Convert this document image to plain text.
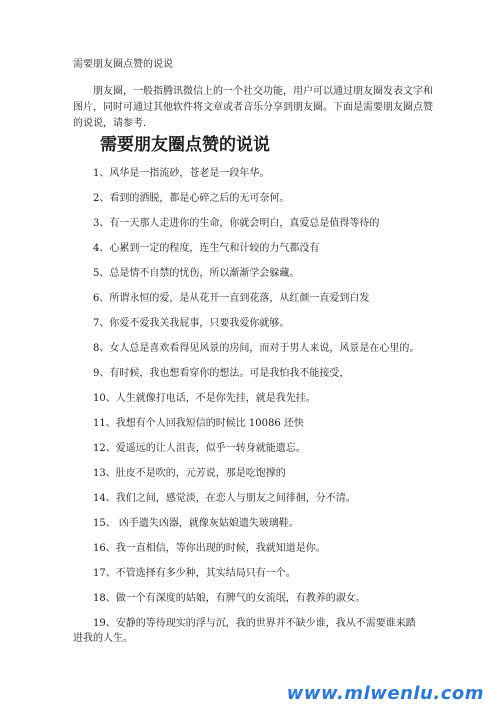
需要朋友圈点赞的说说

朋友圈，一般指腾讯微信上的一个社交功能，用户可以通过朋友圈发表文字和图片，同时可通过其他软件将文章或者音乐分享到朋友圈。下面是需要朋友圈点赞的说说，请参考.

需要朋友圈点赞的说说
1、风华是一指流砂，苍老是一段年华。
2、看到的洒脱，都是心碎之后的无可奈何。
3、有一天那人走进你的生命，你就会明白，真爱总是值得等待的
4、心累到一定的程度，连生气和计较的力气都没有
5、总是情不自禁的忧伤，所以渐渐学会躲藏。
6、所谓永恒的爱，是从花开一直到花落，从红颜一直爱到白发
7、你爱不爱我关我屁事，只要我爱你就够。
8、女人总是喜欢看得见风景的房间，而对于男人来说，风景是在心里的。
9、有时候，我也想看穿你的想法。可是我怕我不能接受，
10、人生就像打电话，不是你先挂，就是我先挂。
11、我想有个人回我短信的时候比 10086 还快
12、爱遥远的让人沮丧，似乎一转身就能遗忘。
13、肚皮不是吹的，元芳说，那是吃饱撑的
14、我们之间，感觉淡，在恋人与朋友之间徘徊，分不清。
15、 凶手遗失凶器，就像灰姑娘遗失玻璃鞋。
16、我一直相信，等你出现的时候，我就知道是你。
17、不管选择有多少种，其实结局只有一个。
18、做一个有深度的姑娘，有脾气的女流氓，有教养的淑女。
19、安静的等待现实的浮与沉，我的世界并不缺少谁，我从不需要谁来踏
进我的人生。
www.mlwenlu.com
